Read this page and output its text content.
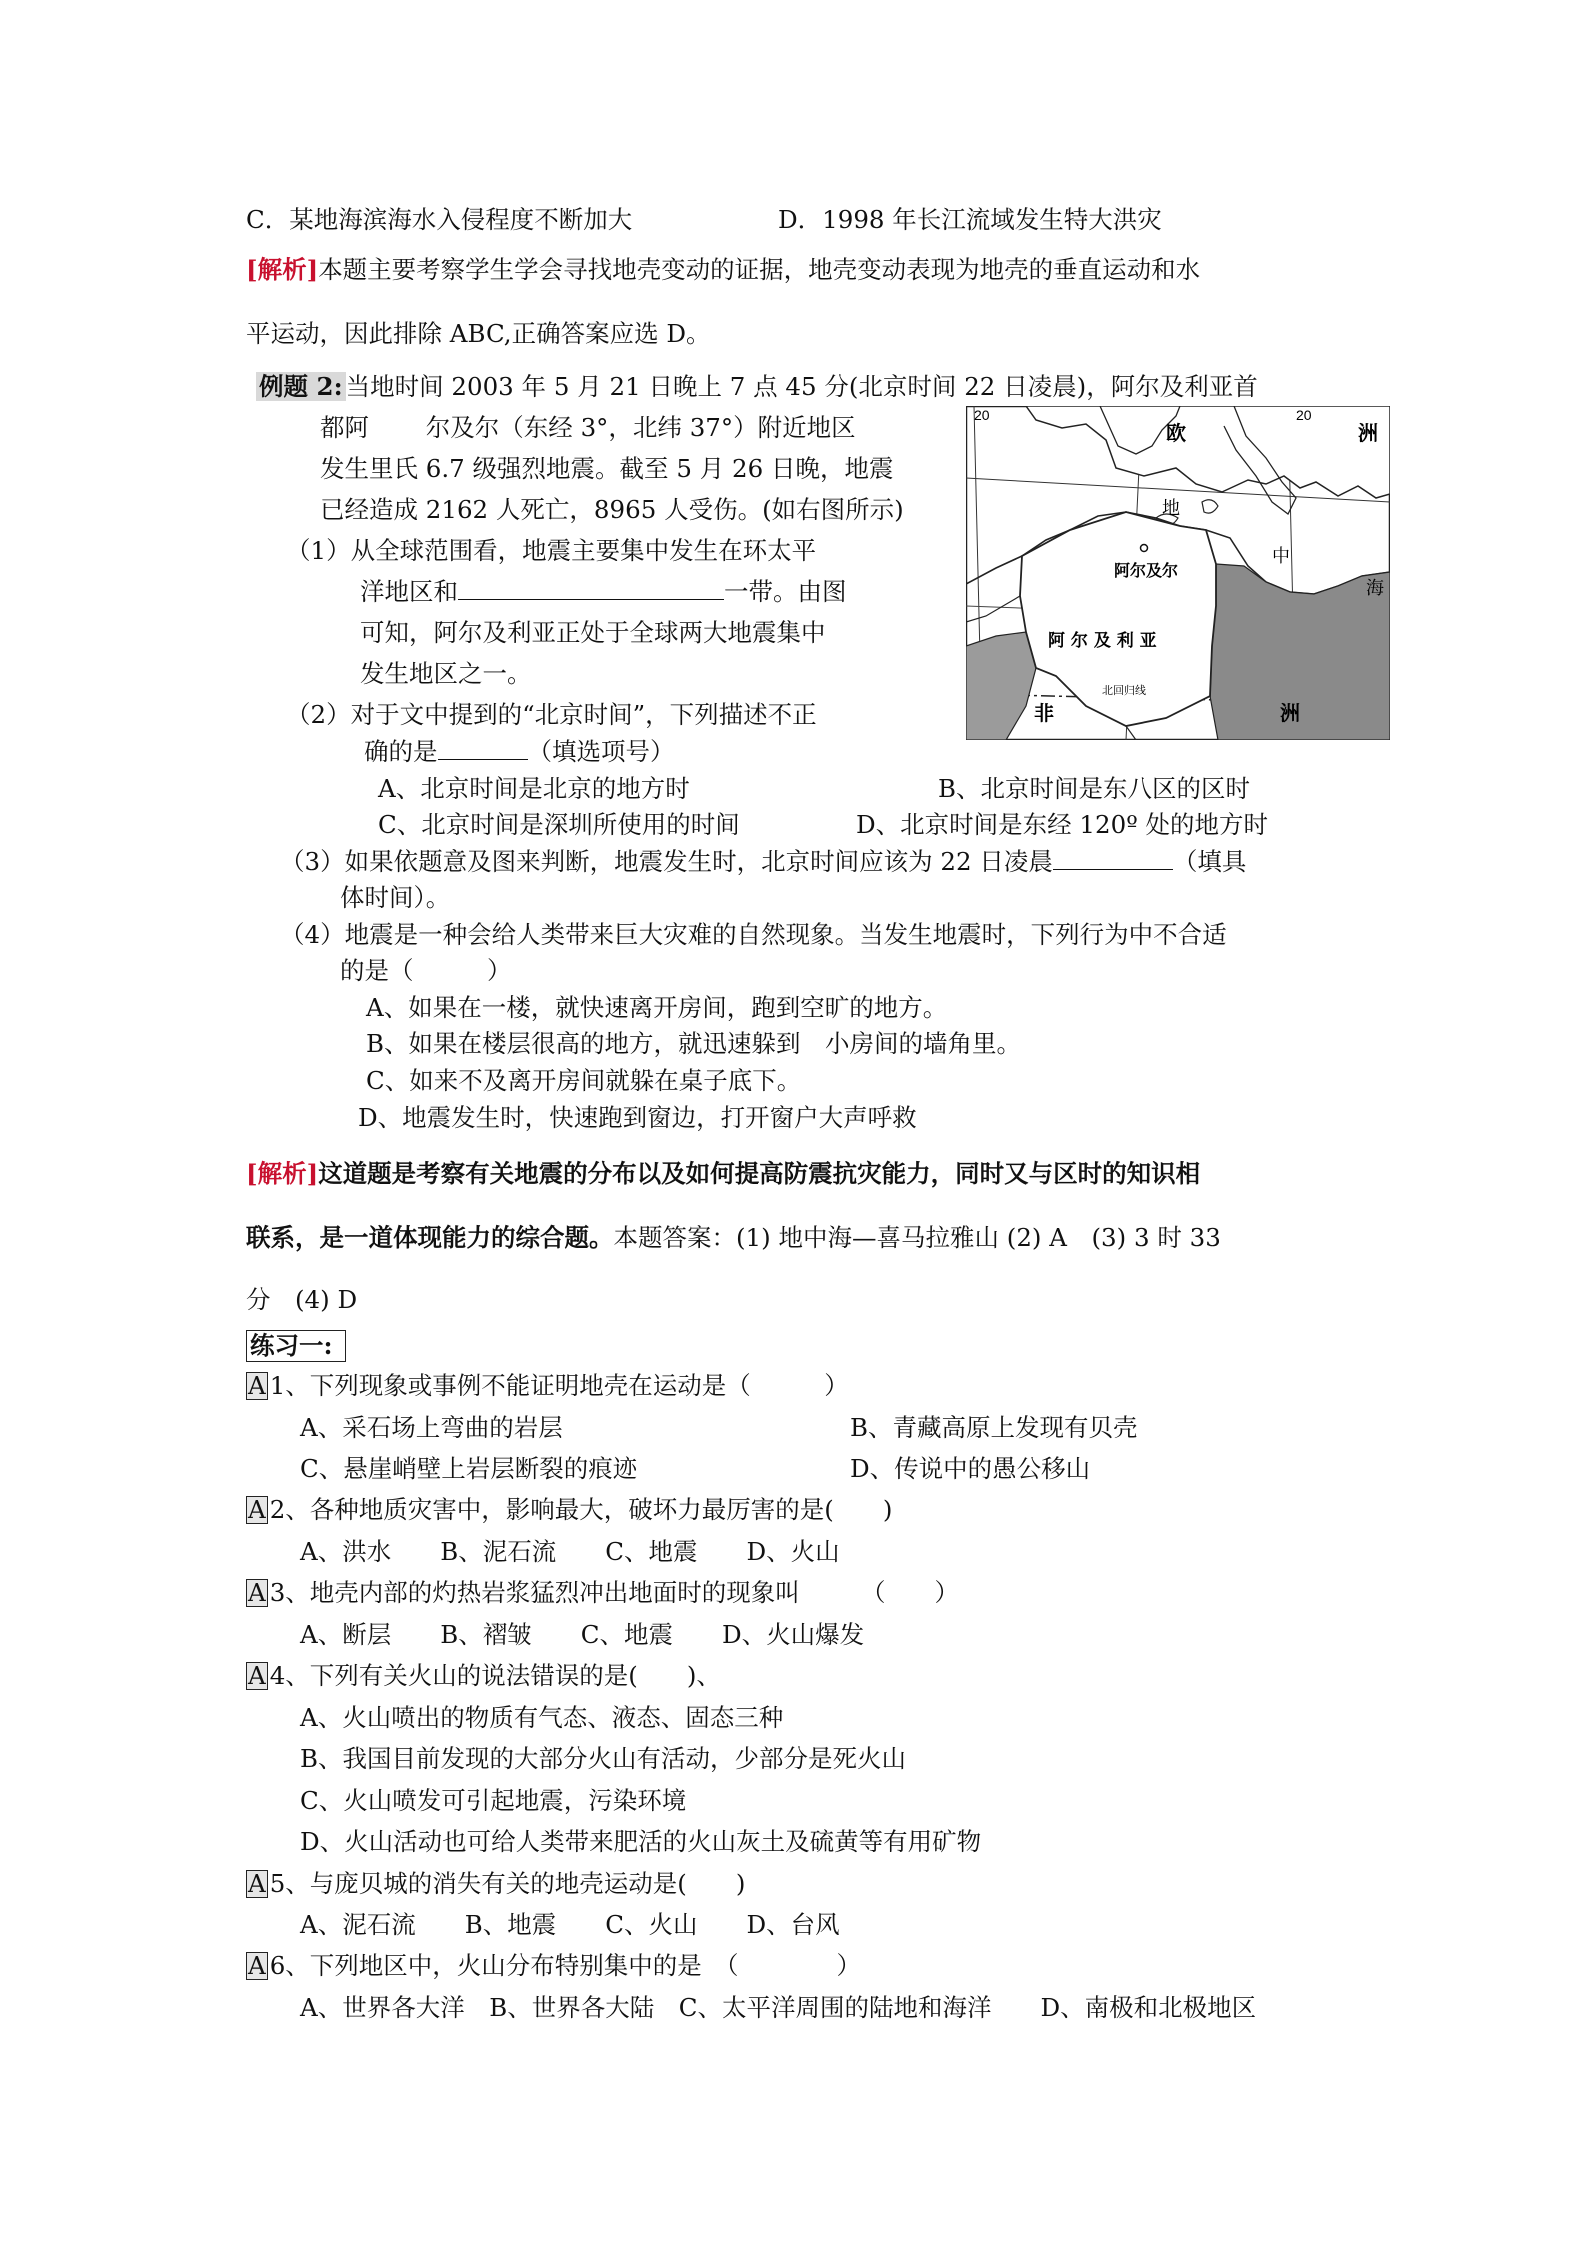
C．某地海滨海水入侵程度不断加大	D．1998 年长江流域发生特大洪灾
[解析]本题主要考察学生学会寻找地壳变动的证据，地壳变动表现为地壳的垂直运动和水
平运动，因此排除 ABC,正确答案应选 D。
例题 2: 当地时间 2003 年 5 月 21 日晚上 7 点 45 分(北京时间 22 日凌晨)，阿尔及利亚首
都阿　　 尔及尔（东经 3°，北纬 37°）附近地区
发生里氏 6.7 级强烈地震。截至 5 月 26 日晚，地震
已经造成 2162 人死亡，8965 人受伤。(如右图所示)
（1）从全球范围看，地震主要集中发生在环太平
洋地区和	一带。由图
可知，阿尔及利亚正处于全球两大地震集中
发生地区之一。
（2）对于文中提到的“北京时间”，下列描述不正
确的是	（填选项号）
A、北京时间是北京的地方时	B、北京时间是东八区的区时
C、北京时间是深圳所使用的时间	D、北京时间是东经 120º 处的地方时
（3）如果依题意及图来判断，地震发生时，北京时间应该为 22 日凌晨	（填具
体时间）。
（4）地震是一种会给人类带来巨大灾难的自然现象。当发生地震时，下列行为中不合适
的是（　　　）
A、如果在一楼，就快速离开房间，跑到空旷的地方。
B、如果在楼层很高的地方，就迅速躲到　小房间的墙角里。
C、如来不及离开房间就躲在桌子底下。
D、地震发生时，快速跑到窗边，打开窗户大声呼救
20	20
欧	洲
地
中
海
阿尔及尔
阿 尔 及 利 亚
北回归线
非	洲
[解析]这道题是考察有关地震的分布以及如何提高防震抗灾能力，同时又与区时的知识相
联系，是一道体现能力的综合题。本题答案：(1) 地中海—喜马拉雅山 (2) A　(3) 3 时 33
分　(4) D
练习一:
A 1、下列现象或事例不能证明地壳在运动是（　　　）
A、采石场上弯曲的岩层	B、青藏高原上发现有贝壳
C、悬崖峭壁上岩层断裂的痕迹	D、传说中的愚公移山
A 2、各种地质灾害中，影响最大，破坏力最厉害的是(　　)
A、洪水　　B、泥石流　　C、地震　　D、火山
A 3、地壳内部的灼热岩浆猛烈冲出地面时的现象叫　　　（　　）
A、断层　　B、褶皱　　C、地震　　D、火山爆发
A 4、下列有关火山的说法错误的是(　　)、
A、火山喷出的物质有气态、液态、固态三种
B、我国目前发现的大部分火山有活动，少部分是死火山
C、火山喷发可引起地震，污染环境
D、火山活动也可给人类带来肥活的火山灰土及硫黄等有用矿物
A 5、与庞贝城的消失有关的地壳运动是(　　)
A、泥石流　　B、地震　　C、火山　　D、台风
A 6、下列地区中，火山分布特别集中的是　（　　　　）
A、世界各大洋　B、世界各大陆　C、太平洋周围的陆地和海洋　　D、南极和北极地区
